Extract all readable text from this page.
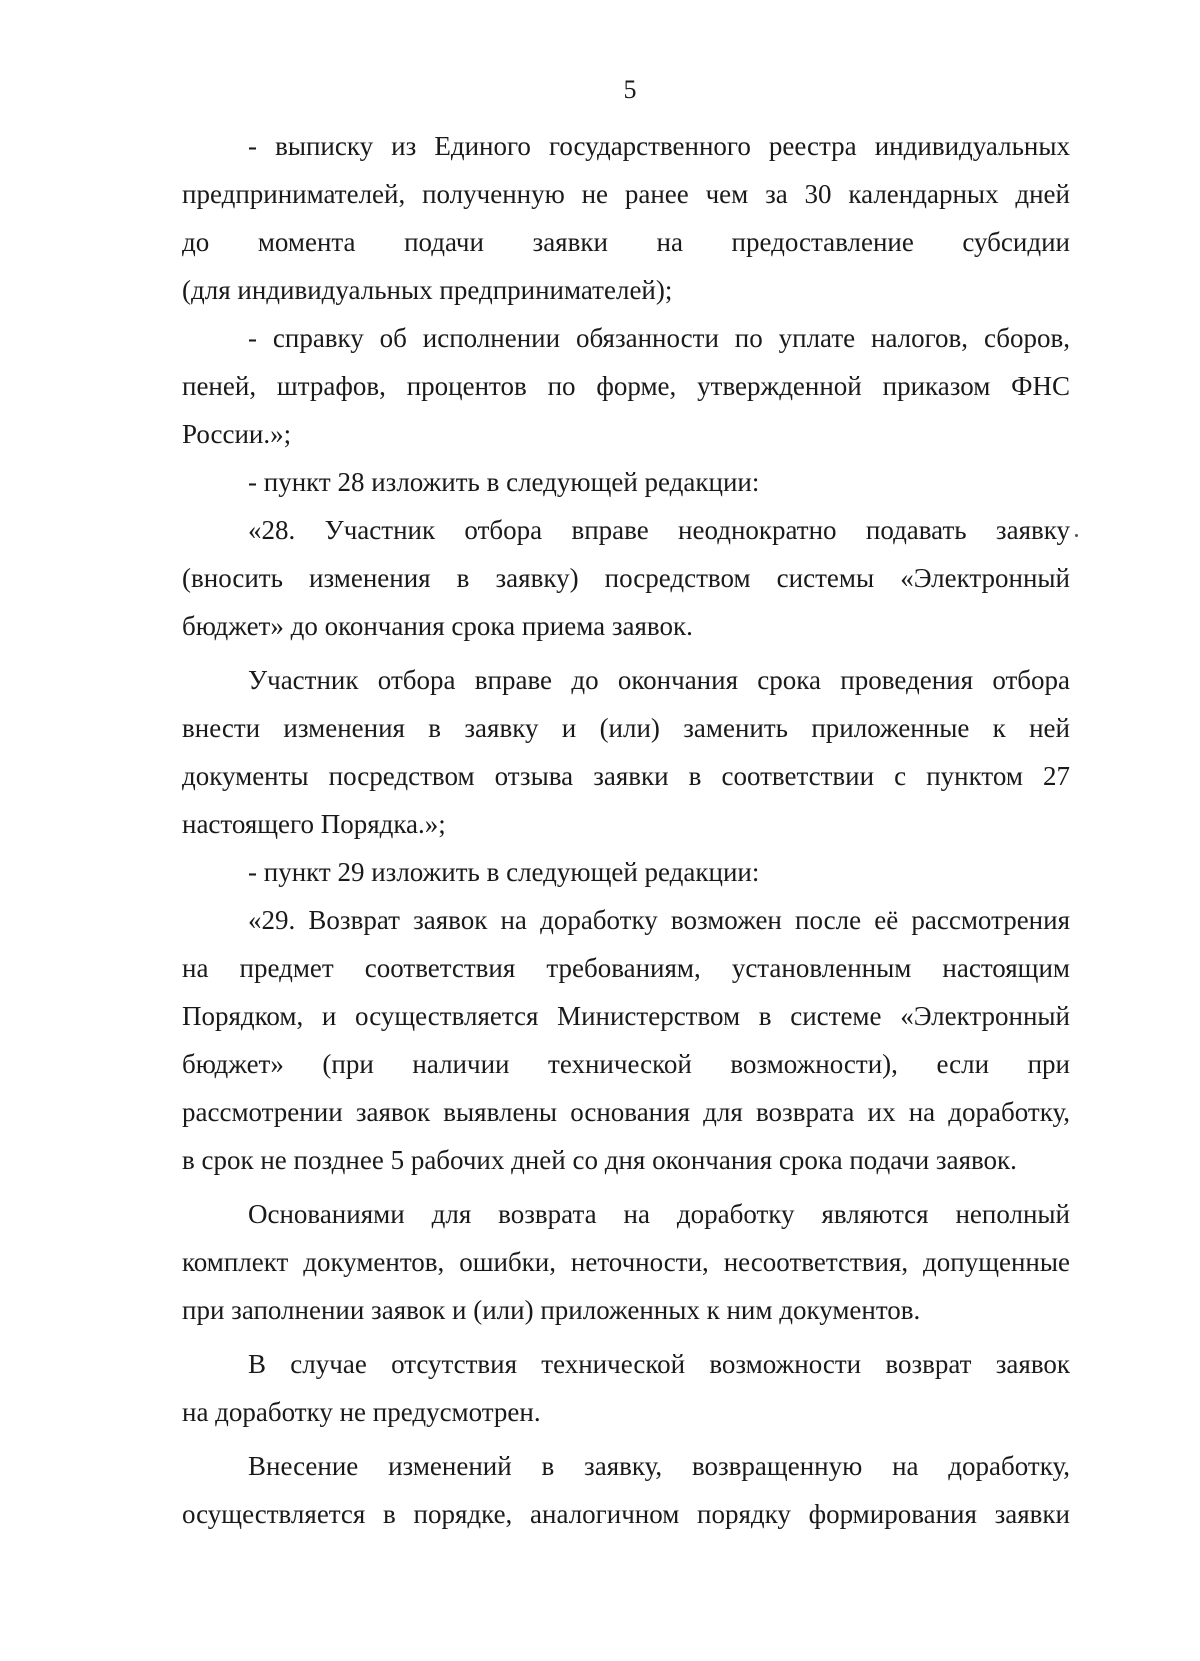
5
- выписку из Единого государственного реестра индивидуальных
предпринимателей, полученную не ранее чем за 30 календарных дней
до момента подачи заявки на предоставление субсидии
(для индивидуальных предпринимателей);
- справку об исполнении обязанности по уплате налогов, сборов,
пеней, штрафов, процентов по форме, утвержденной приказом ФНС
России.»;
- пункт 28 изложить в следующей редакции:
«28. Участник отбора вправе неоднократно подавать заявку
(вносить изменения в заявку) посредством системы «Электронный
бюджет» до окончания срока приема заявок.
Участник отбора вправе до окончания срока проведения отбора
внести изменения в заявку и (или) заменить приложенные к ней
документы посредством отзыва заявки в соответствии с пунктом 27
настоящего Порядка.»;
- пункт 29 изложить в следующей редакции:
«29. Возврат заявок на доработку возможен после её рассмотрения
на предмет соответствия требованиям, установленным настоящим
Порядком, и осуществляется Министерством в системе «Электронный
бюджет» (при наличии технической возможности), если при
рассмотрении заявок выявлены основания для возврата их на доработку,
в срок не позднее 5 рабочих дней со дня окончания срока подачи заявок.
Основаниями для возврата на доработку являются неполный
комплект документов, ошибки, неточности, несоответствия, допущенные
при заполнении заявок и (или) приложенных к ним документов.
В случае отсутствия технической возможности возврат заявок
на доработку не предусмотрен.
Внесение изменений в заявку, возвращенную на доработку,
осуществляется в порядке, аналогичном порядку формирования заявки
